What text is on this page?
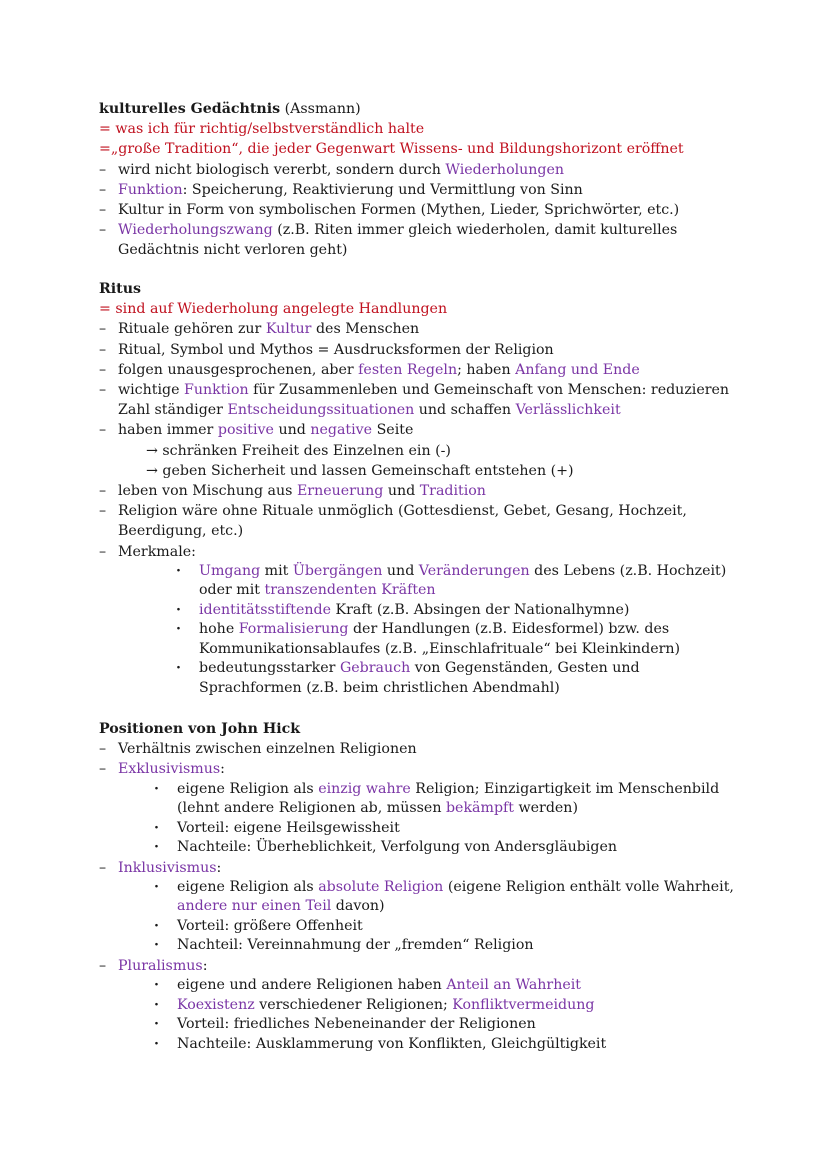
kulturelles Gedächtnis (Assmann)
= was ich für richtig/selbstverständlich halte
=„große Tradition“, die jeder Gegenwart Wissens- und Bildungshorizont eröffnet
– wird nicht biologisch vererbt, sondern durch Wiederholungen
– Funktion: Speicherung, Reaktivierung und Vermittlung von Sinn
– Kultur in Form von symbolischen Formen (Mythen, Lieder, Sprichwörter, etc.)
– Wiederholungszwang (z.B. Riten immer gleich wiederholen, damit kulturelles
Gedächtnis nicht verloren geht)
Ritus
= sind auf Wiederholung angelegte Handlungen
– Rituale gehören zur Kultur des Menschen
– Ritual, Symbol und Mythos = Ausdrucksformen der Religion
– folgen unausgesprochenen, aber festen Regeln; haben Anfang und Ende
– wichtige Funktion für Zusammenleben und Gemeinschaft von Menschen: reduzieren
Zahl ständiger Entscheidungssituationen und schaffen Verlässlichkeit
– haben immer positive und negative Seite
→ schränken Freiheit des Einzelnen ein (-)
→ geben Sicherheit und lassen Gemeinschaft entstehen (+)
– leben von Mischung aus Erneuerung und Tradition
– Religion wäre ohne Rituale unmöglich (Gottesdienst, Gebet, Gesang, Hochzeit,
Beerdigung, etc.)
– Merkmale:
· Umgang mit Übergängen und Veränderungen des Lebens (z.B. Hochzeit)
oder mit transzendenten Kräften
· identitätsstiftende Kraft (z.B. Absingen der Nationalhymne)
· hohe Formalisierung der Handlungen (z.B. Eidesformel) bzw. des
Kommunikationsablaufes (z.B. „Einschlafrituale“ bei Kleinkindern)
· bedeutungsstarker Gebrauch von Gegenständen, Gesten und
Sprachformen (z.B. beim christlichen Abendmahl)
Positionen von John Hick
– Verhältnis zwischen einzelnen Religionen
– Exklusivismus:
· eigene Religion als einzig wahre Religion; Einzigartigkeit im Menschenbild
(lehnt andere Religionen ab, müssen bekämpft werden)
· Vorteil: eigene Heilsgewissheit
· Nachteile: Überheblichkeit, Verfolgung von Andersgläubigen
– Inklusivismus:
· eigene Religion als absolute Religion (eigene Religion enthält volle Wahrheit,
andere nur einen Teil davon)
· Vorteil: größere Offenheit
· Nachteil: Vereinnahmung der „fremden“ Religion
– Pluralismus:
· eigene und andere Religionen haben Anteil an Wahrheit
· Koexistenz verschiedener Religionen; Konfliktvermeidung
· Vorteil: friedliches Nebeneinander der Religionen
· Nachteile: Ausklammerung von Konflikten, Gleichgültigkeit
